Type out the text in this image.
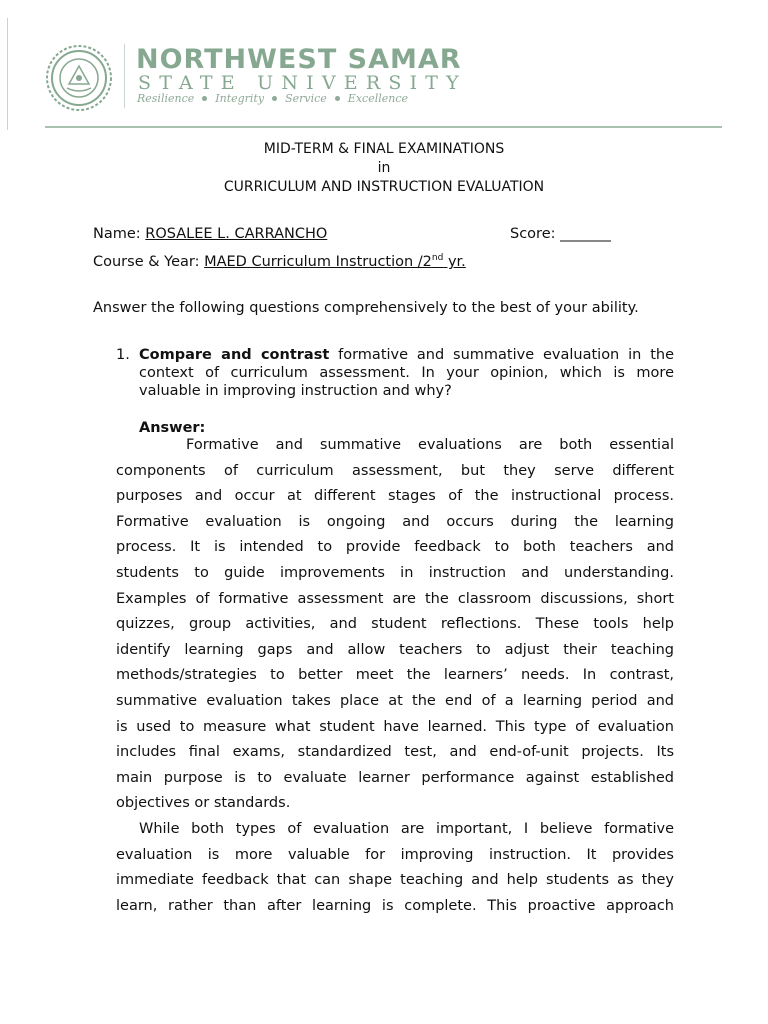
NORTHWEST SAMAR
STATE UNIVERSITY
Resilience Integrity Service Excellence
MID-TERM & FINAL EXAMINATIONS
in
CURRICULUM AND INSTRUCTION EVALUATION
Name: ROSALEE L. CARRANCHO	Score: _______
Course & Year: MAED Curriculum Instruction /2nd yr.
Answer the following questions comprehensively to the best of your ability.
1. Compare and contrast formative and summative evaluation in the context of curriculum assessment. In your opinion, which is more valuable in improving instruction and why?
Answer:
Formative and summative evaluations are both essential
components of curriculum assessment, but they serve different
purposes and occur at different stages of the instructional process.
Formative evaluation is ongoing and occurs during the learning
process. It is intended to provide feedback to both teachers and
students to guide improvements in instruction and understanding.
Examples of formative assessment are the classroom discussions, short
quizzes, group activities, and student reflections. These tools help
identify learning gaps and allow teachers to adjust their teaching
methods/strategies to better meet the learners’ needs. In contrast,
summative evaluation takes place at the end of a learning period and
is used to measure what student have learned. This type of evaluation
includes final exams, standardized test, and end-of-unit projects. Its
main purpose is to evaluate learner performance against established
objectives or standards.
While both types of evaluation are important, I believe formative
evaluation is more valuable for improving instruction. It provides
immediate feedback that can shape teaching and help students as they
learn, rather than after learning is complete. This proactive approach
